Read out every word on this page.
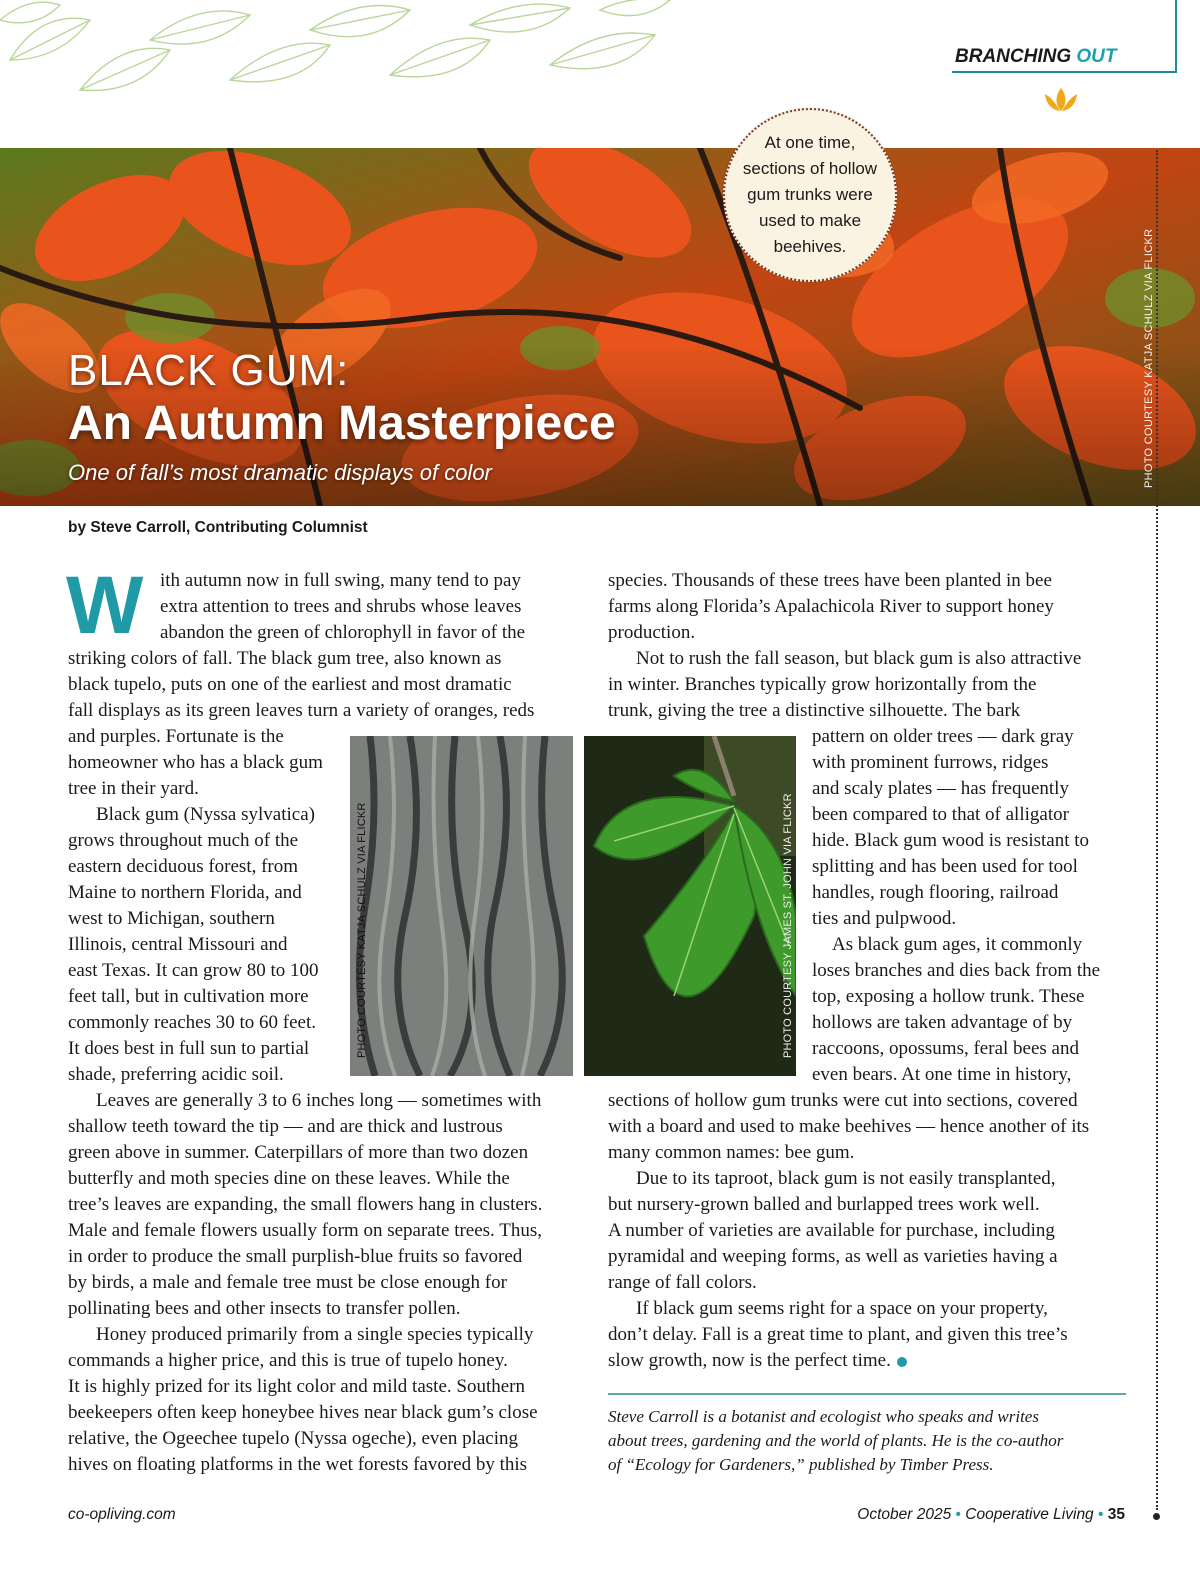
BRANCHING OUT
BLACK GUM:
An Autumn Masterpiece
One of fall’s most dramatic displays of color	PHOTO COURTESY KATJA SCHULZ VIA FLICKR
At one time, sections of hollow gum trunks were used to make beehives.
by Steve Carroll, Contributing Columnist
W ith autumn now in full swing, many tend to pay
extra attention to trees and shrubs whose leaves
abandon the green of chlorophyll in favor of the
striking colors of fall. The black gum tree, also known as
black tupelo, puts on one of the earliest and most dramatic
fall displays as its green leaves turn a variety of oranges, reds
and purples. Fortunate is the
homeowner who has a black gum
tree in their yard.
Black gum (Nyssa sylvatica)
grows throughout much of the
eastern deciduous forest, from
Maine to northern Florida, and
west to Michigan, southern
Illinois, central Missouri and
east Texas. It can grow 80 to 100
feet tall, but in cultivation more
commonly reaches 30 to 60 feet.
It does best in full sun to partial
shade, preferring acidic soil.
Leaves are generally 3 to 6 inches long — sometimes with
shallow teeth toward the tip — and are thick and lustrous
green above in summer. Caterpillars of more than two dozen
butterfly and moth species dine on these leaves. While the
tree’s leaves are expanding, the small flowers hang in clusters.
Male and female flowers usually form on separate trees. Thus,
in order to produce the small purplish-blue fruits so favored
by birds, a male and female tree must be close enough for
pollinating bees and other insects to transfer pollen.
Honey produced primarily from a single species typically
commands a higher price, and this is true of tupelo honey.
It is highly prized for its light color and mild taste. Southern
beekeepers often keep honeybee hives near black gum’s close
relative, the Ogeechee tupelo (Nyssa ogeche), even placing
hives on floating platforms in the wet forests favored by this
species. Thousands of these trees have been planted in bee
farms along Florida’s Apalachicola River to support honey
production.
Not to rush the fall season, but black gum is also attractive
in winter. Branches typically grow horizontally from the
trunk, giving the tree a distinctive silhouette. The bark
pattern on older trees — dark gray
with prominent furrows, ridges
and scaly plates — has frequently
been compared to that of alligator
hide. Black gum wood is resistant to
splitting and has been used for tool
handles, rough flooring, railroad
ties and pulpwood.
As black gum ages, it commonly
loses branches and dies back from the
top, exposing a hollow trunk. These
hollows are taken advantage of by
raccoons, opossums, feral bees and
even bears. At one time in history,
sections of hollow gum trunks were cut into sections, covered
with a board and used to make beehives — hence another of its
many common names: bee gum.
Due to its taproot, black gum is not easily transplanted,
but nursery-grown balled and burlapped trees work well.
A number of varieties are available for purchase, including
pyramidal and weeping forms, as well as varieties having a
range of fall colors.
If black gum seems right for a space on your property,
don’t delay. Fall is a great time to plant, and given this tree’s
slow growth, now is the perfect time.
PHOTO COURTESY KATJA SCHULZ VIA FLICKR	PHOTO COURTESY JAMES ST. JOHN VIA FLICKR
Steve Carroll is a botanist and ecologist who speaks and writes
about trees, gardening and the world of plants. He is the co-author
of “Ecology for Gardeners,” published by Timber Press.
co-opliving.com	October 2025 • Cooperative Living • 35
